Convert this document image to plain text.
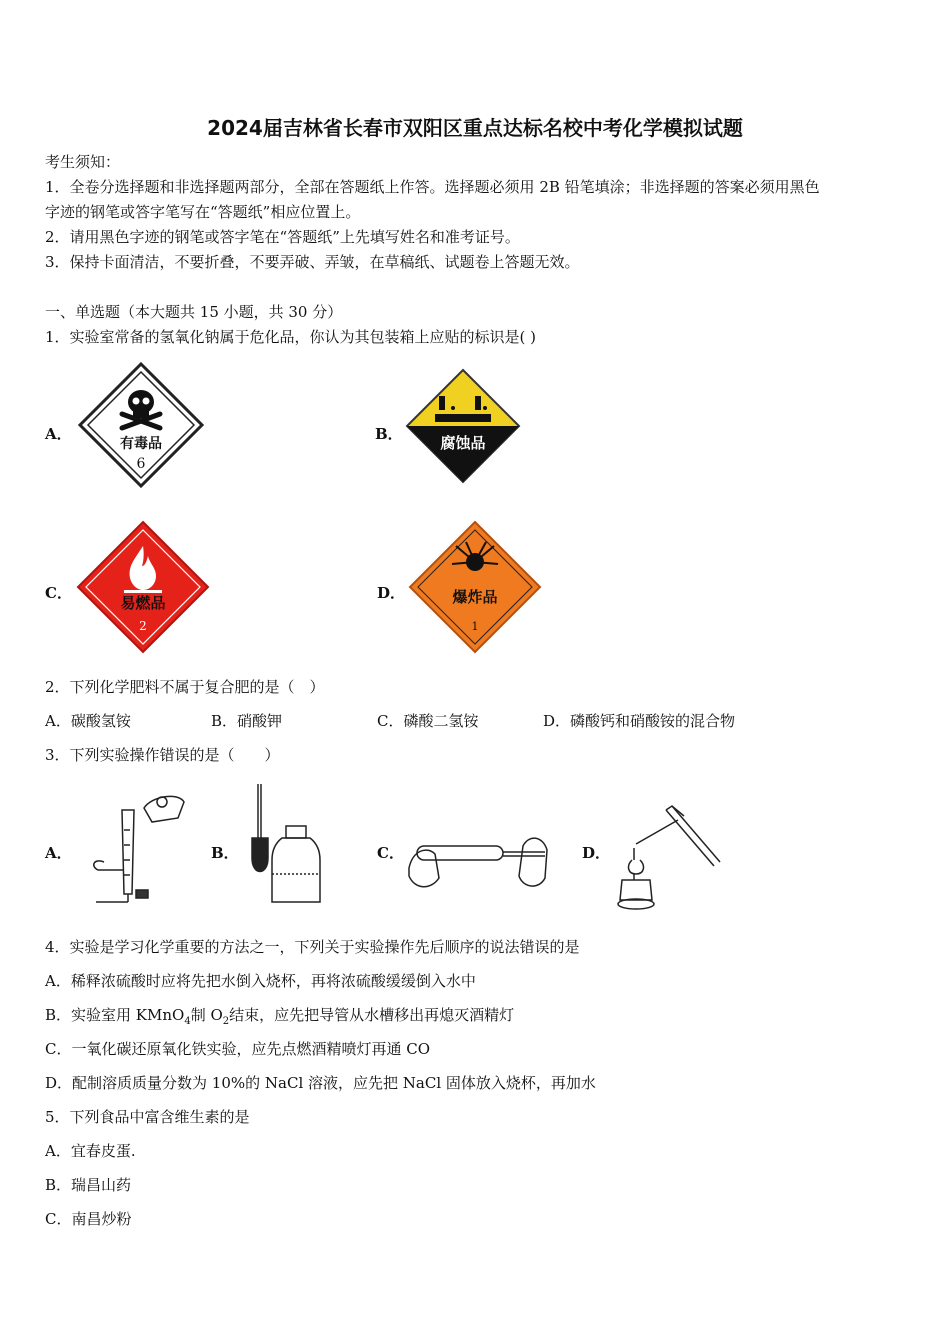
2024届吉林省长春市双阳区重点达标名校中考化学模拟试题
考生须知：
1．全卷分选择题和非选择题两部分，全部在答题纸上作答。选择题必须用 2B 铅笔填涂；非选择题的答案必须用黑色
字迹的钢笔或答字笔写在“答题纸”相应位置上。
2．请用黑色字迹的钢笔或答字笔在“答题纸”上先填写姓名和准考证号。
3．保持卡面清洁，不要折叠，不要弄破、弄皱，在草稿纸、试题卷上答题无效。
一、单选题（本大题共 15 小题，共 30 分）
1．实验室常备的氢氧化钠属于危化品，你认为其包装箱上应贴的标识是( )
A．
有毒品
6
B．	腐蚀品
C．
易燃品
2
D．	爆炸品
1
2．下列化学肥料不属于复合肥的是（　）
A．碳酸氢铵	B．硝酸钾	C．磷酸二氢铵	D．磷酸钙和硝酸铵的混合物
3．下列实验操作错误的是（　　）
A．	B．	C．	D．
4．实验是学习化学重要的方法之一，下列关于实验操作先后顺序的说法错误的是
A．稀释浓硫酸时应将先把水倒入烧杯，再将浓硫酸缓缓倒入水中
B．实验室用 KMnO$_4$制 $O_2$结束，应先把导管从水槽移出再熄灭酒精灯
C．一氧化碳还原氧化铁实验，应先点燃酒精喷灯再通 CO
D．配制溶质质量分数为 10%的 NaCl 溶液，应先把 NaCl 固体放入烧杯，再加水
5．下列食品中富含维生素的是
A．宜春皮蛋.
B．瑞昌山药
C．南昌炒粉
